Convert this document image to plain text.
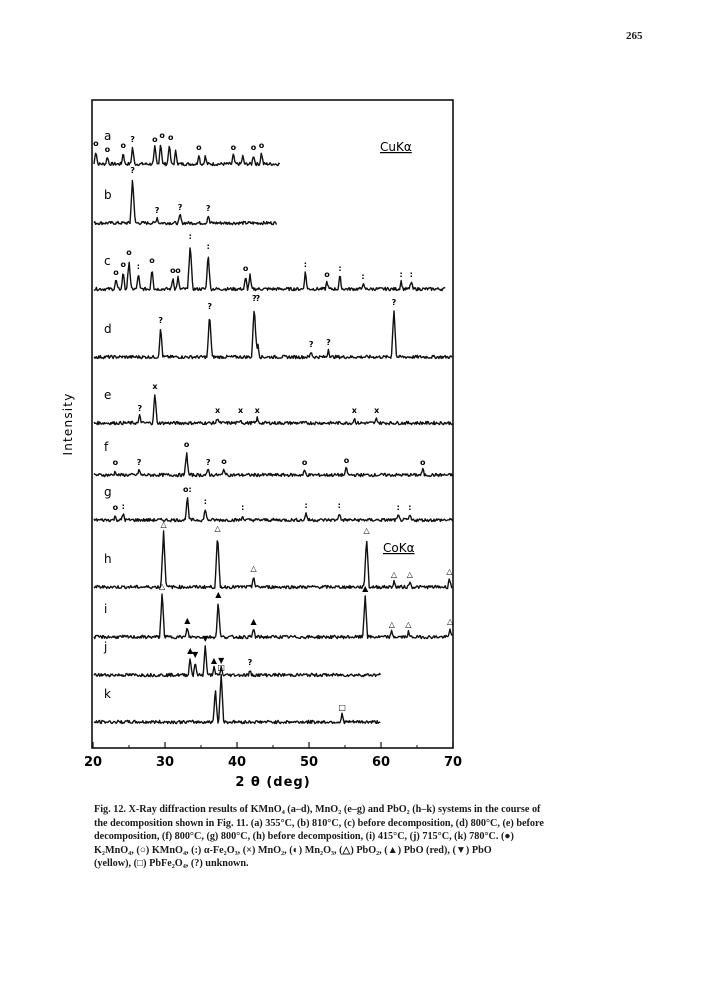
265
20	30	40	50	60	70
a
o
o o
? o o o
o	o o o
b
?
? ?	?
c
o
o
o
:
o
o o
:
:
o	:
o
:
:	: :
d
?
?
?
?
? ?
?
e
?
x
x x x	x x
f
o ?
o
? o	o	o	o
g
o :
o:
:
:	:	:	: :
h
△	△
△
△
△ △	△
i
△
▲
▲
▲
▲
△ △	△
j	▲
▼
▼
▲ ▼	?
k
□
□
Intensity
2 θ (deg)
CuKα
CoKα
Fig. 12. X-Ray diffraction results of KMnO₄ (a–d), MnO₂ (e–g) and PbO₂ (h–k) systems in the course of
the decomposition shown in Fig. 11. (a) 355°C, (b) 810°C, (c) before decomposition, (d) 800°C, (e) before
decomposition, (f) 800°C, (g) 800°C, (h) before decomposition, (i) 415°C, (j) 715°C, (k) 780°C. (●)
K₂MnO₄, (○) KMnO₄, (:) α-Fe₂O₃, (×) MnO₂, (◐) Mn₂O₃, (△) PbO₂, (▲) PbO (red), (▼) PbO
(yellow), (□) PbFe₂O₄, (?) unknown.
